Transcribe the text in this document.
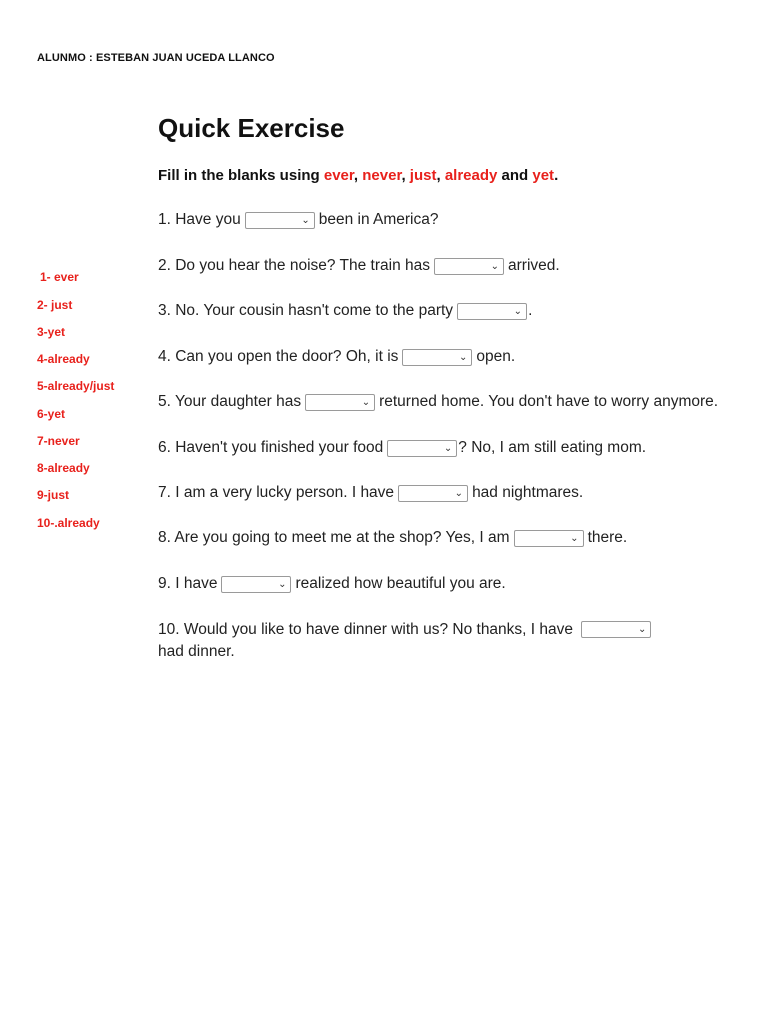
ALUNMO : ESTEBAN JUAN UCEDA LLANCO
Quick Exercise
Fill in the blanks using ever, never, just, already and yet.
1- ever
2- just
3-yet
4-already
5-already/just
6-yet
7-never
8-already
9-just
10-.already
1. Have you	⌄ been in America?
2. Do you hear the noise? The train has	⌄ arrived.
3. No. Your cousin hasn't come to the party	⌄ .
4. Can you open the door? Oh, it is	⌄ open.
5. Your daughter has	⌄ returned home. You don't have to worry anymore.
6. Haven't you finished your food	⌄ ? No, I am still eating mom.
7. I am a very lucky person. I have	⌄ had nightmares.
8. Are you going to meet me at the shop? Yes, I am	⌄ there.
9. I have	⌄ realized how beautiful you are.
10. Would you like to have dinner with us? No thanks, I have	⌄

had dinner.
